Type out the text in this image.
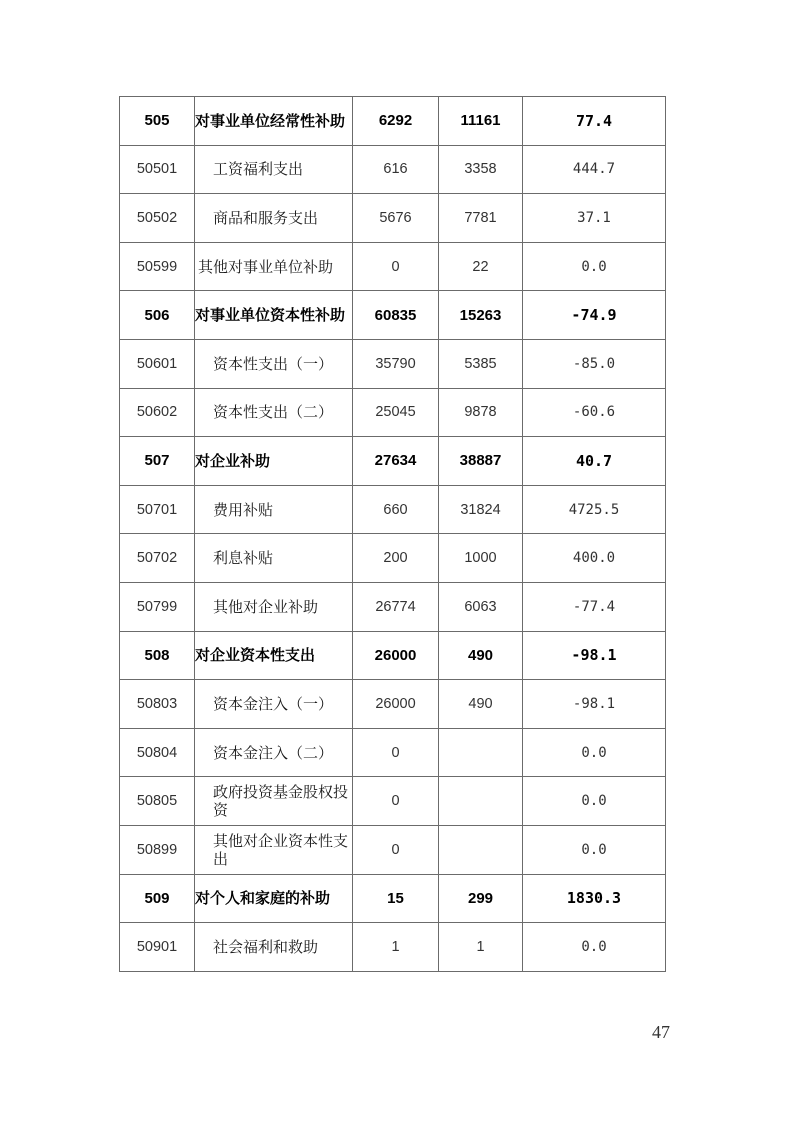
505	对事业单位经常性补助	6292	11161	77.4
50501	工资福利支出	616	3358	444.7
50502	商品和服务支出	5676	7781	37.1
50599	其他对事业单位补助	0	22	0.0
506	对事业单位资本性补助	60835	15263	-74.9
50601	资本性支出（一）	35790	5385	-85.0
50602	资本性支出（二）	25045	9878	-60.6
507	对企业补助	27634	38887	40.7
50701	费用补贴	660	31824	4725.5
50702	利息补贴	200	1000	400.0
50799	其他对企业补助	26774	6063	-77.4
508	对企业资本性支出	26000	490	-98.1
50803	资本金注入（一）	26000	490	-98.1
50804	资本金注入（二）	0		0.0
50805	政府投资基金股权投资	0		0.0
50899	其他对企业资本性支出	0		0.0
509	对个人和家庭的补助	15	299	1830.3
50901	社会福利和救助	1	1	0.0
47
